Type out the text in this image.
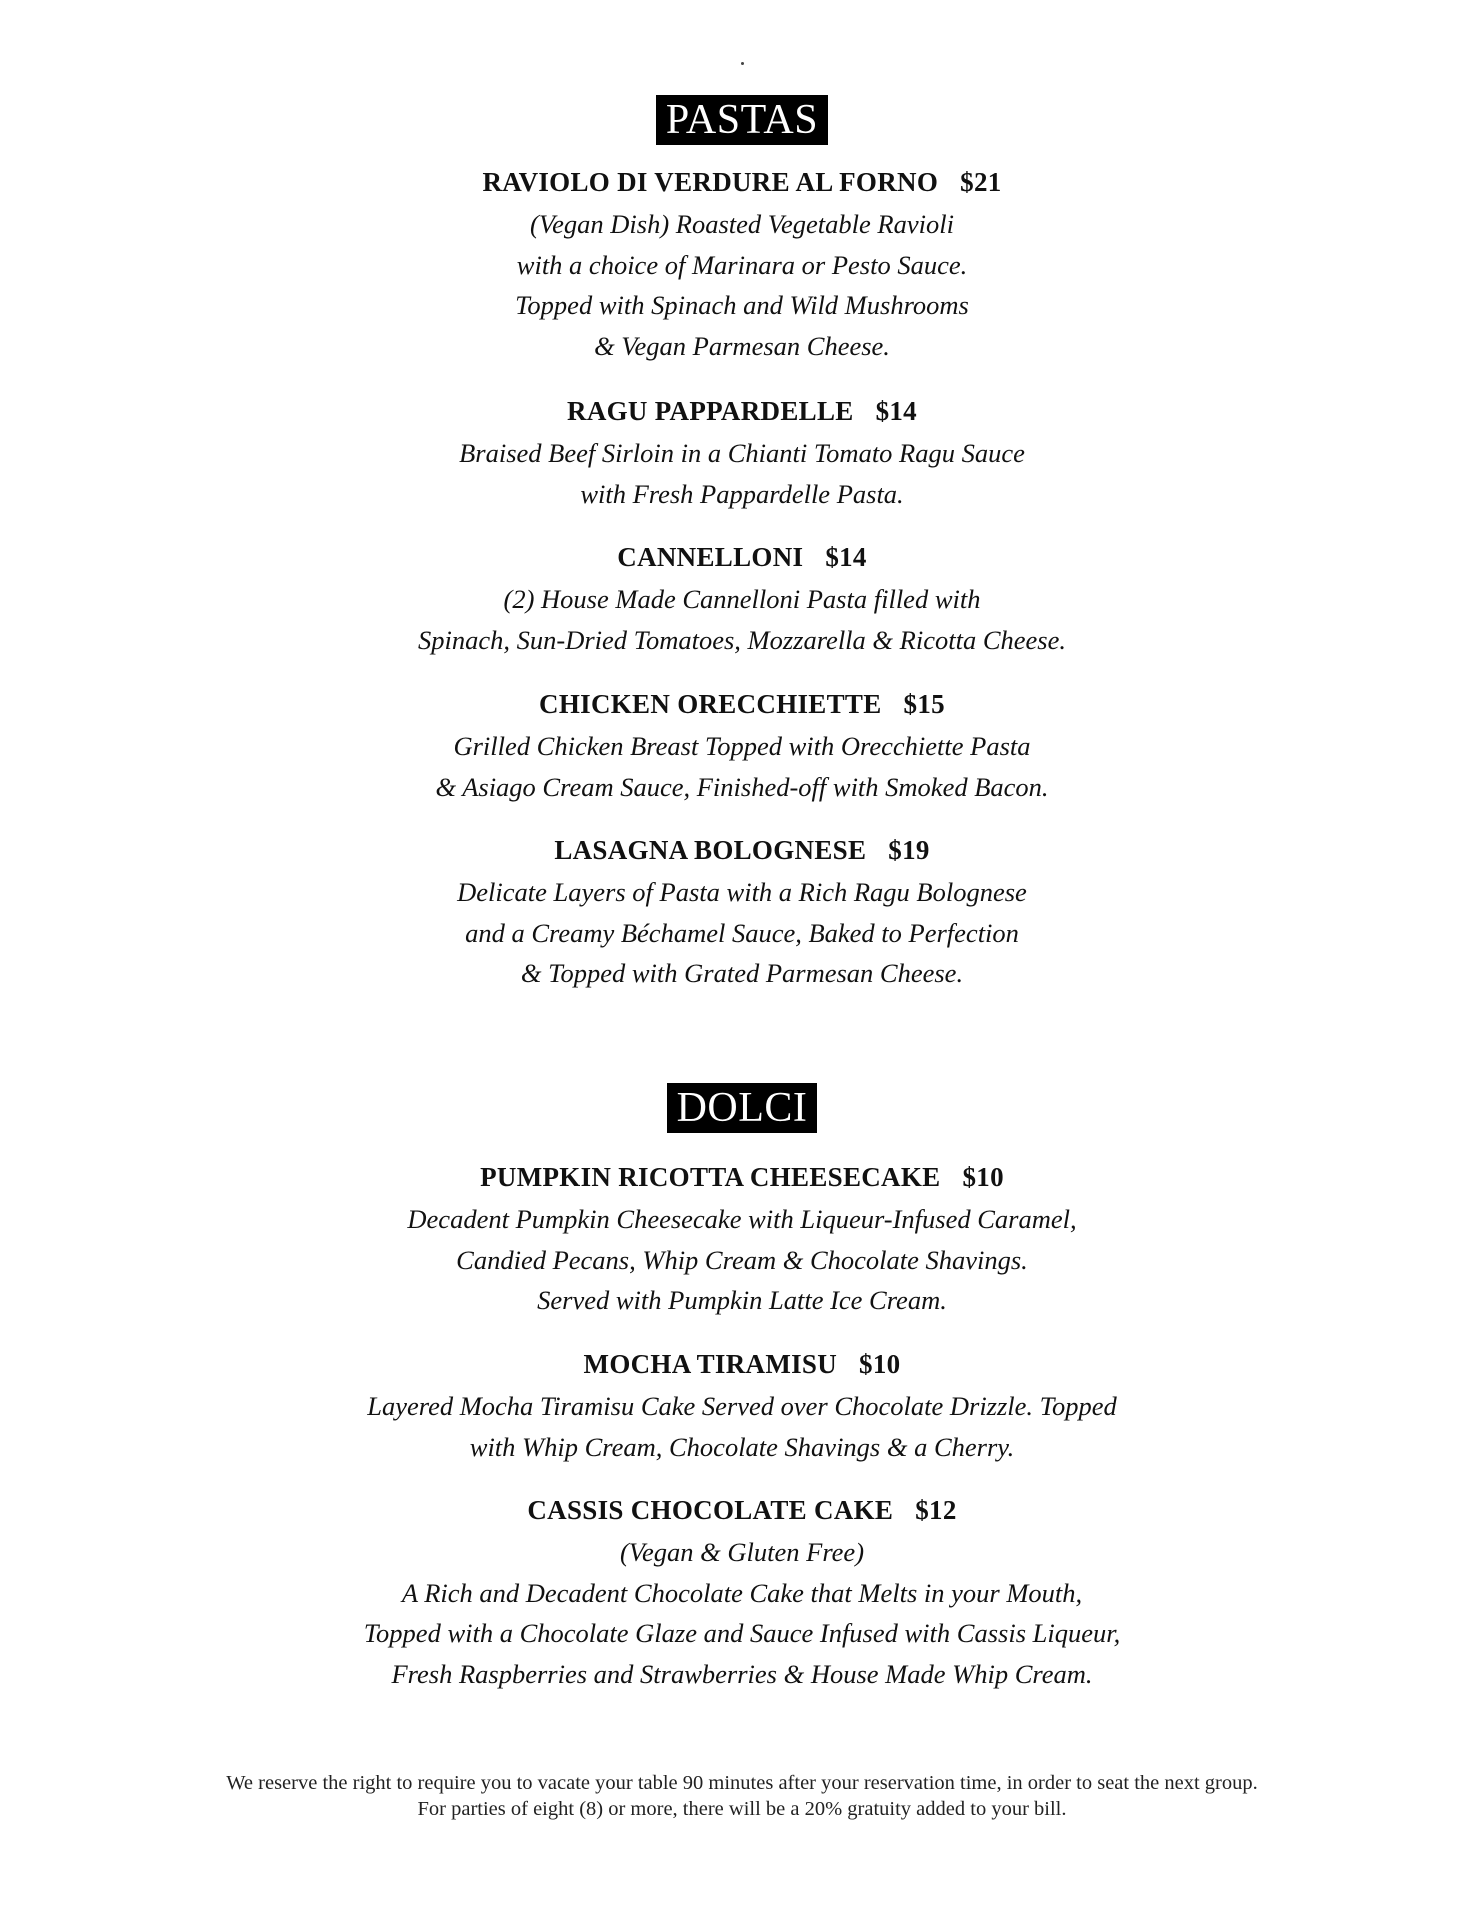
PASTAS
RAVIOLO DI VERDURE AL FORNO $21
(Vegan Dish) Roasted Vegetable Ravioli
with a choice of Marinara or Pesto Sauce.
Topped with Spinach and Wild Mushrooms
& Vegan Parmesan Cheese.
RAGU PAPPARDELLE $14
Braised Beef Sirloin in a Chianti Tomato Ragu Sauce
with Fresh Pappardelle Pasta.
CANNELLONI $14
(2) House Made Cannelloni Pasta filled with
Spinach, Sun-Dried Tomatoes, Mozzarella & Ricotta Cheese.
CHICKEN ORECCHIETTE $15
Grilled Chicken Breast Topped with Orecchiette Pasta
& Asiago Cream Sauce, Finished-off with Smoked Bacon.
LASAGNA BOLOGNESE $19
Delicate Layers of Pasta with a Rich Ragu Bolognese
and a Creamy Béchamel Sauce, Baked to Perfection
& Topped with Grated Parmesan Cheese.
DOLCI
PUMPKIN RICOTTA CHEESECAKE $10
Decadent Pumpkin Cheesecake with Liqueur-Infused Caramel,
Candied Pecans, Whip Cream & Chocolate Shavings.
Served with Pumpkin Latte Ice Cream.
MOCHA TIRAMISU $10
Layered Mocha Tiramisu Cake Served over Chocolate Drizzle. Topped
with Whip Cream, Chocolate Shavings & a Cherry.
CASSIS CHOCOLATE CAKE $12
(Vegan & Gluten Free)
A Rich and Decadent Chocolate Cake that Melts in your Mouth,
Topped with a Chocolate Glaze and Sauce Infused with Cassis Liqueur,
Fresh Raspberries and Strawberries & House Made Whip Cream.
We reserve the right to require you to vacate your table 90 minutes after your reservation time, in order to seat the next group.
For parties of eight (8) or more, there will be a 20% gratuity added to your bill.
